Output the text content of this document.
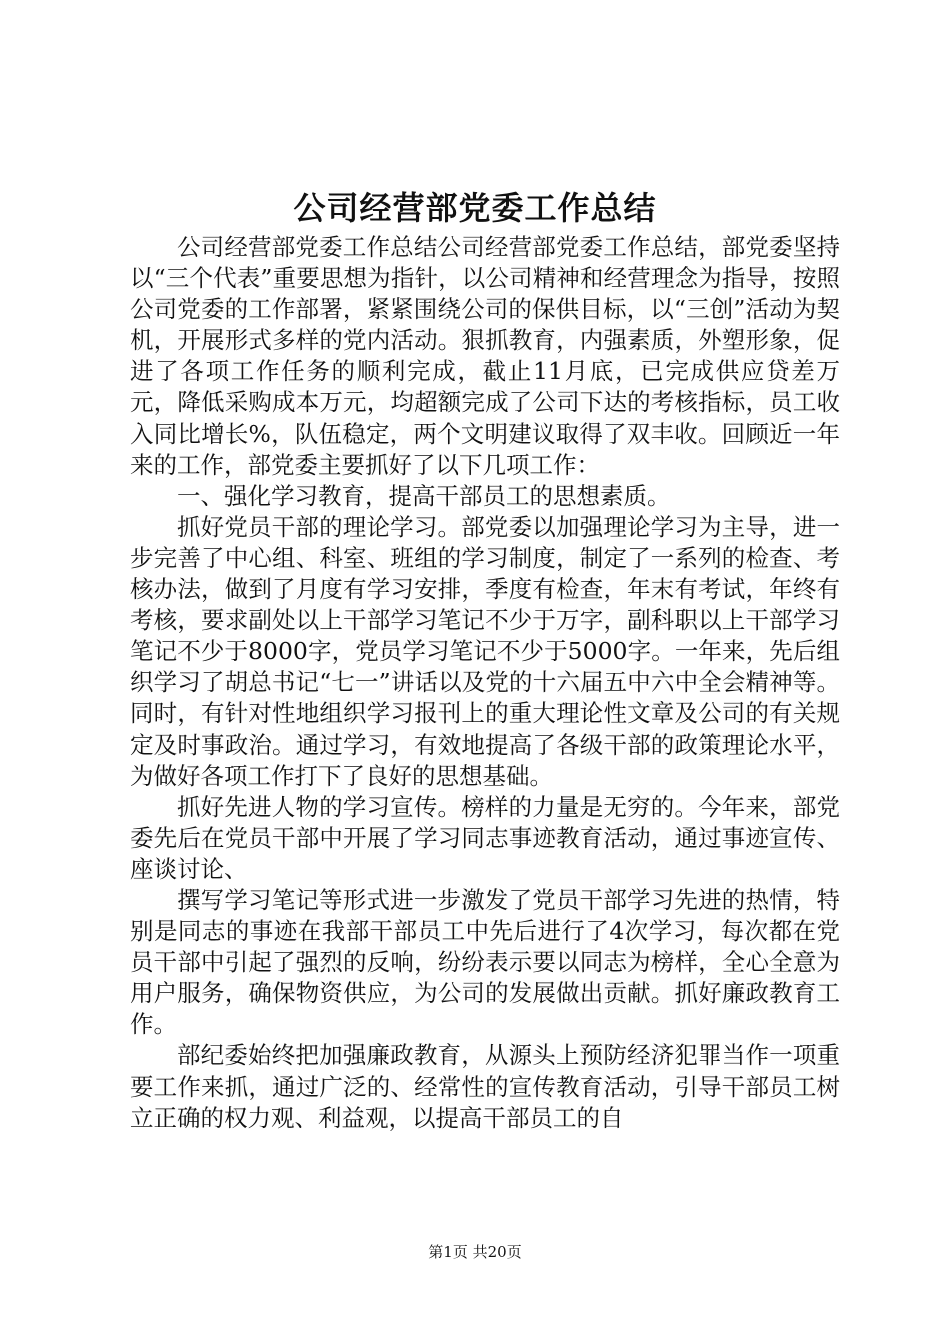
公司经营部党委工作总结

公司经营部党委工作总结公司经营部党委工作总结，部党委坚持以“三个代表”重要思想为指针，以公司精神和经营理念为指导，按照公司党委的工作部署，紧紧围绕公司的保供目标，以“三创”活动为契机，开展形式多样的党内活动。狠抓教育，内强素质，外塑形象，促进了各项工作任务的顺利完成，截止11月底，已完成供应贷差万元，降低采购成本万元，均超额完成了公司下达的考核指标，员工收入同比增长%，队伍稳定，两个文明建议取得了双丰收。回顾近一年来的工作，部党委主要抓好了以下几项工作：

一、强化学习教育，提高干部员工的思想素质。

抓好党员干部的理论学习。部党委以加强理论学习为主导，进一步完善了中心组、科室、班组的学习制度，制定了一系列的检查、考核办法，做到了月度有学习安排，季度有检查，年末有考试，年终有考核，要求副处以上干部学习笔记不少于万字，副科职以上干部学习笔记不少于8000字，党员学习笔记不少于5000字。一年来，先后组织学习了胡总书记“七一”讲话以及党的十六届五中六中全会精神等。同时，有针对性地组织学习报刊上的重大理论性文章及公司的有关规定及时事政治。通过学习，有效地提高了各级干部的政策理论水平，为做好各项工作打下了良好的思想基础。

抓好先进人物的学习宣传。榜样的力量是无穷的。今年来，部党委先后在党员干部中开展了学习同志事迹教育活动，通过事迹宣传、座谈讨论、

撰写学习笔记等形式进一步激发了党员干部学习先进的热情，特别是同志的事迹在我部干部员工中先后进行了4次学习，每次都在党员干部中引起了强烈的反响，纷纷表示要以同志为榜样，全心全意为用户服务，确保物资供应，为公司的发展做出贡献。抓好廉政教育工作。

部纪委始终把加强廉政教育，从源头上预防经济犯罪当作一项重要工作来抓，通过广泛的、经常性的宣传教育活动，引导干部员工树立正确的权力观、利益观，以提高干部员工的自

第1页 共20页
